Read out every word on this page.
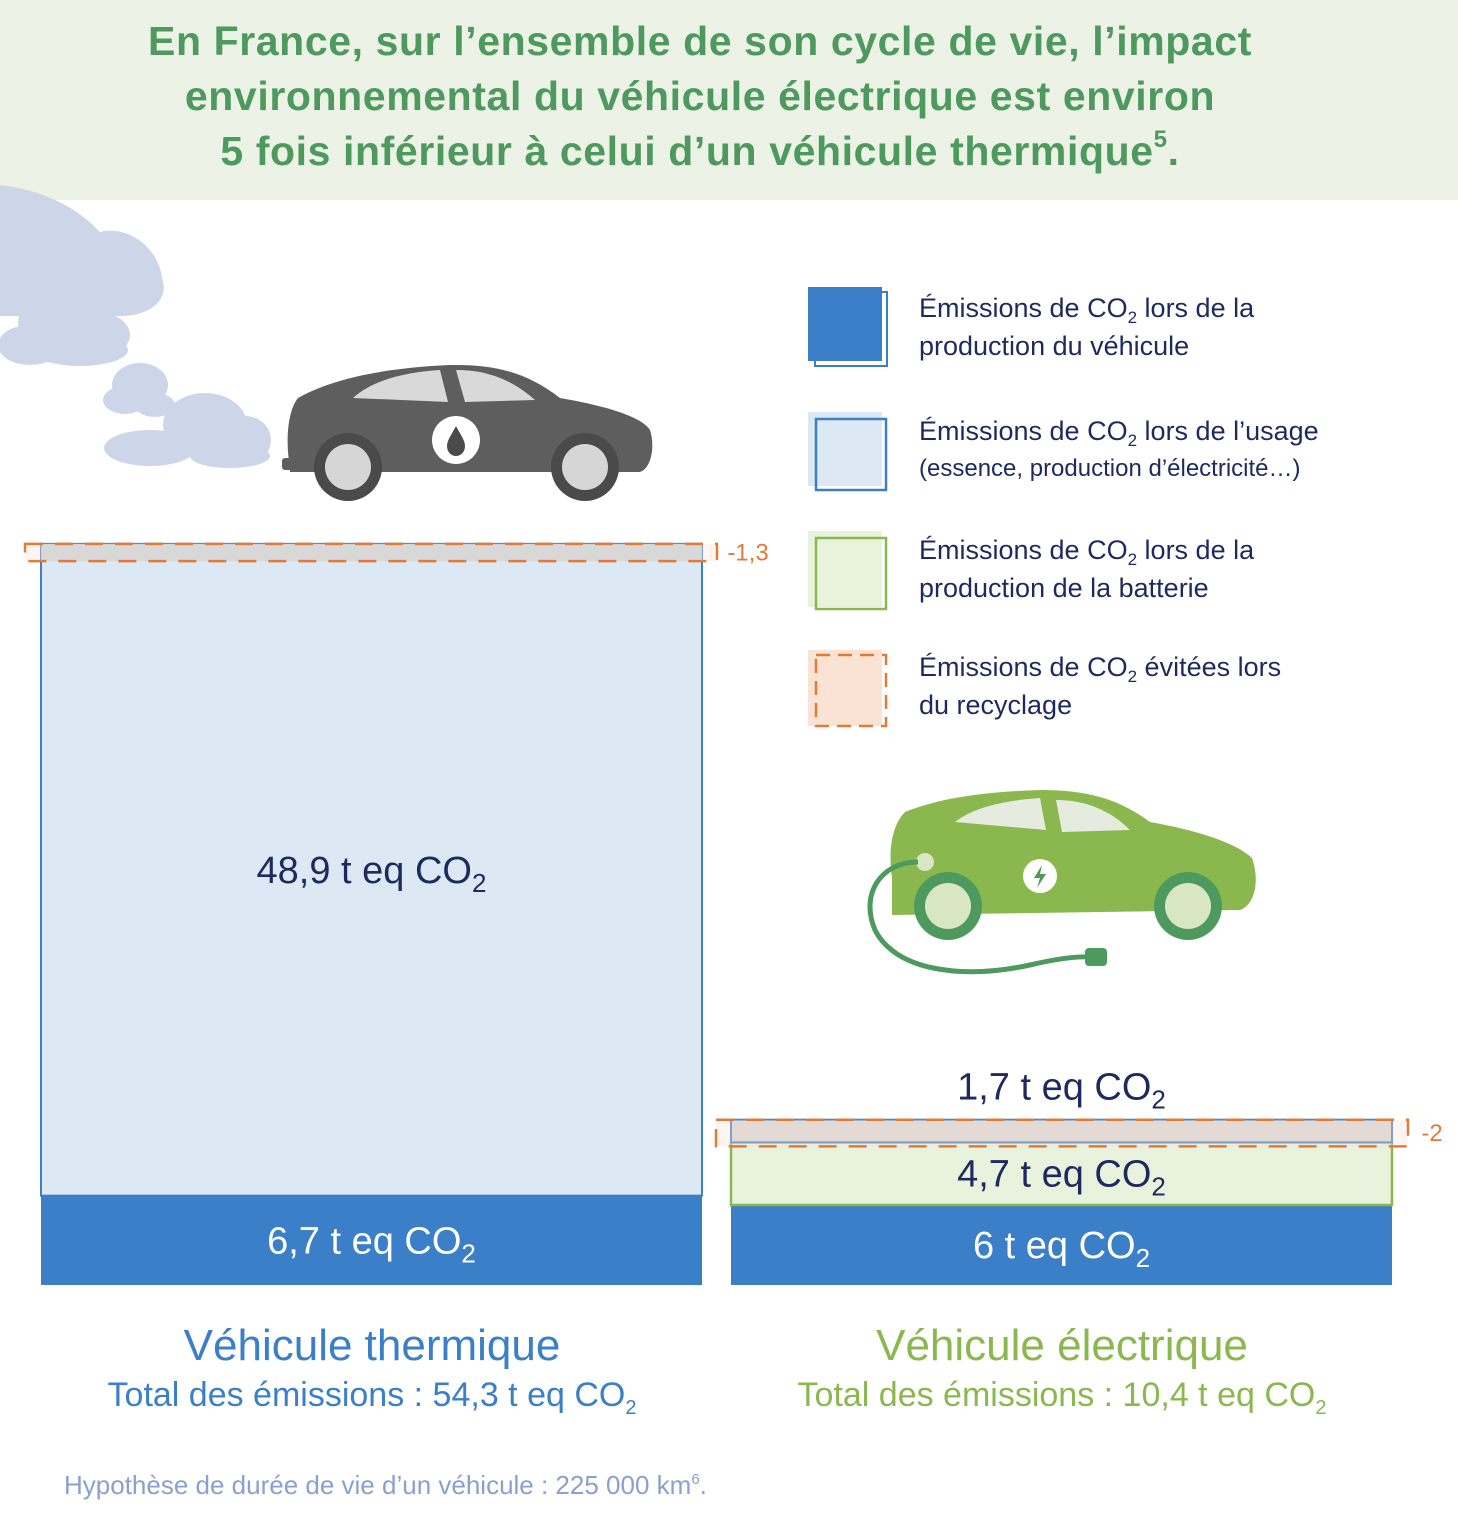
En France, sur l’ensemble de son cycle de vie, l’impact
environnemental du véhicule électrique est environ
5 fois inférieur à celui d’un véhicule thermique$^5$.
Émissions de $CO_2$ lors de la
production du véhicule
Émissions de $CO_2$ lors de l’usage
(essence, production d’électricité…)
Émissions de $CO_2$ lors de la
production de la batterie
Émissions de $CO_2$ évitées lors
du recyclage
6,7 t eq $CO_2$
48,9 t eq $CO_2$
-1,3
6 t eq $CO_2$
4,7 t eq $CO_2$
1,7 t eq $CO_2$
-2
Véhicule thermique
Total des émissions : 54,3 t eq $CO_2$
Véhicule électrique
Total des émissions : 10,4 t eq $CO_2$
Hypothèse de durée de vie d’un véhicule : 225 000 $km^6$.
